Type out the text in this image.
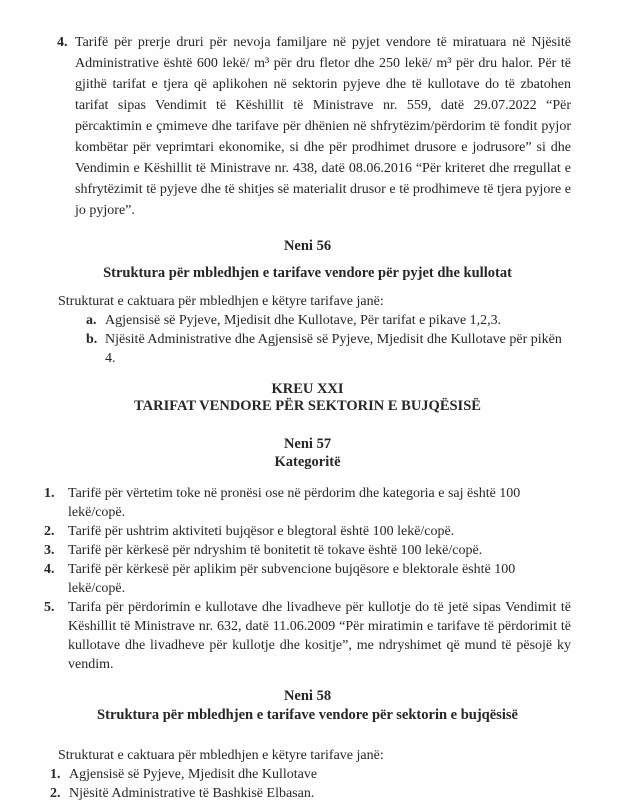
4. Tarifë për prerje druri për nevoja familjare në pyjet vendore të miratuara në Njësitë Administrative është 600 lekë/ m³ për dru fletor dhe 250 lekë/ m³ për dru halor. Për të gjithë tarifat e tjera që aplikohen në sektorin pyjeve dhe të kullotave do të zbatohen tarifat sipas Vendimit të Këshillit të Ministrave nr. 559, datë 29.07.2022 “Për përcaktimin e çmimeve dhe tarifave për dhënien në shfrytëzim/përdorim të fondit pyjor kombëtar për veprimtari ekonomike, si dhe për prodhimet drusore e jodrusore” si dhe Vendimin e Këshillit të Ministrave nr. 438, datë 08.06.2016 “Për kriteret dhe rregullat e shfrytëzimit të pyjeve dhe të shitjes së materialit drusor e të prodhimeve të tjera pyjore e jo pyjore”.
Neni 56
Struktura për mbledhjen e tarifave vendore për pyjet dhe kullotat

Strukturat e caktuara për mbledhjen e këtyre tarifave janë:

a. Agjensisë së Pyjeve, Mjedisit dhe Kullotave, Për tarifat e pikave 1,2,3.
b. Njësitë Administrative dhe Agjensisë së Pyjeve, Mjedisit dhe Kullotave për pikën 4.
KREU XXI
TARIFAT VENDORE PËR SEKTORIN E BUJQËSISË
Neni 57
Kategoritë
1. Tarifë për vërtetim toke në pronësi ose në përdorim dhe kategoria e saj është 100 lekë/copë.
2. Tarifë për ushtrim aktiviteti bujqësor e blegtoral është 100 lekë/copë.
3. Tarifë për kërkesë për ndryshim të bonitetit të tokave është 100 lekë/copë.
4. Tarifë për kërkesë për aplikim për subvencione bujqësore e blektorale është 100 lekë/copë.
5. Tarifa për përdorimin e kullotave dhe livadheve për kullotje do të jetë sipas Vendimit të Këshillit të Ministrave nr. 632, datë 11.06.2009 “Për miratimin e tarifave të përdorimit të kullotave dhe livadheve për kullotje dhe kositje”, me ndryshimet që mund të pësojë ky vendim.
Neni 58
Struktura për mbledhjen e tarifave vendore për sektorin e bujqësisë

Strukturat e caktuara për mbledhjen e këtyre tarifave janë:

1. Agjensisë së Pyjeve, Mjedisit dhe Kullotave
2. Njësitë Administrative të Bashkisë Elbasan.
